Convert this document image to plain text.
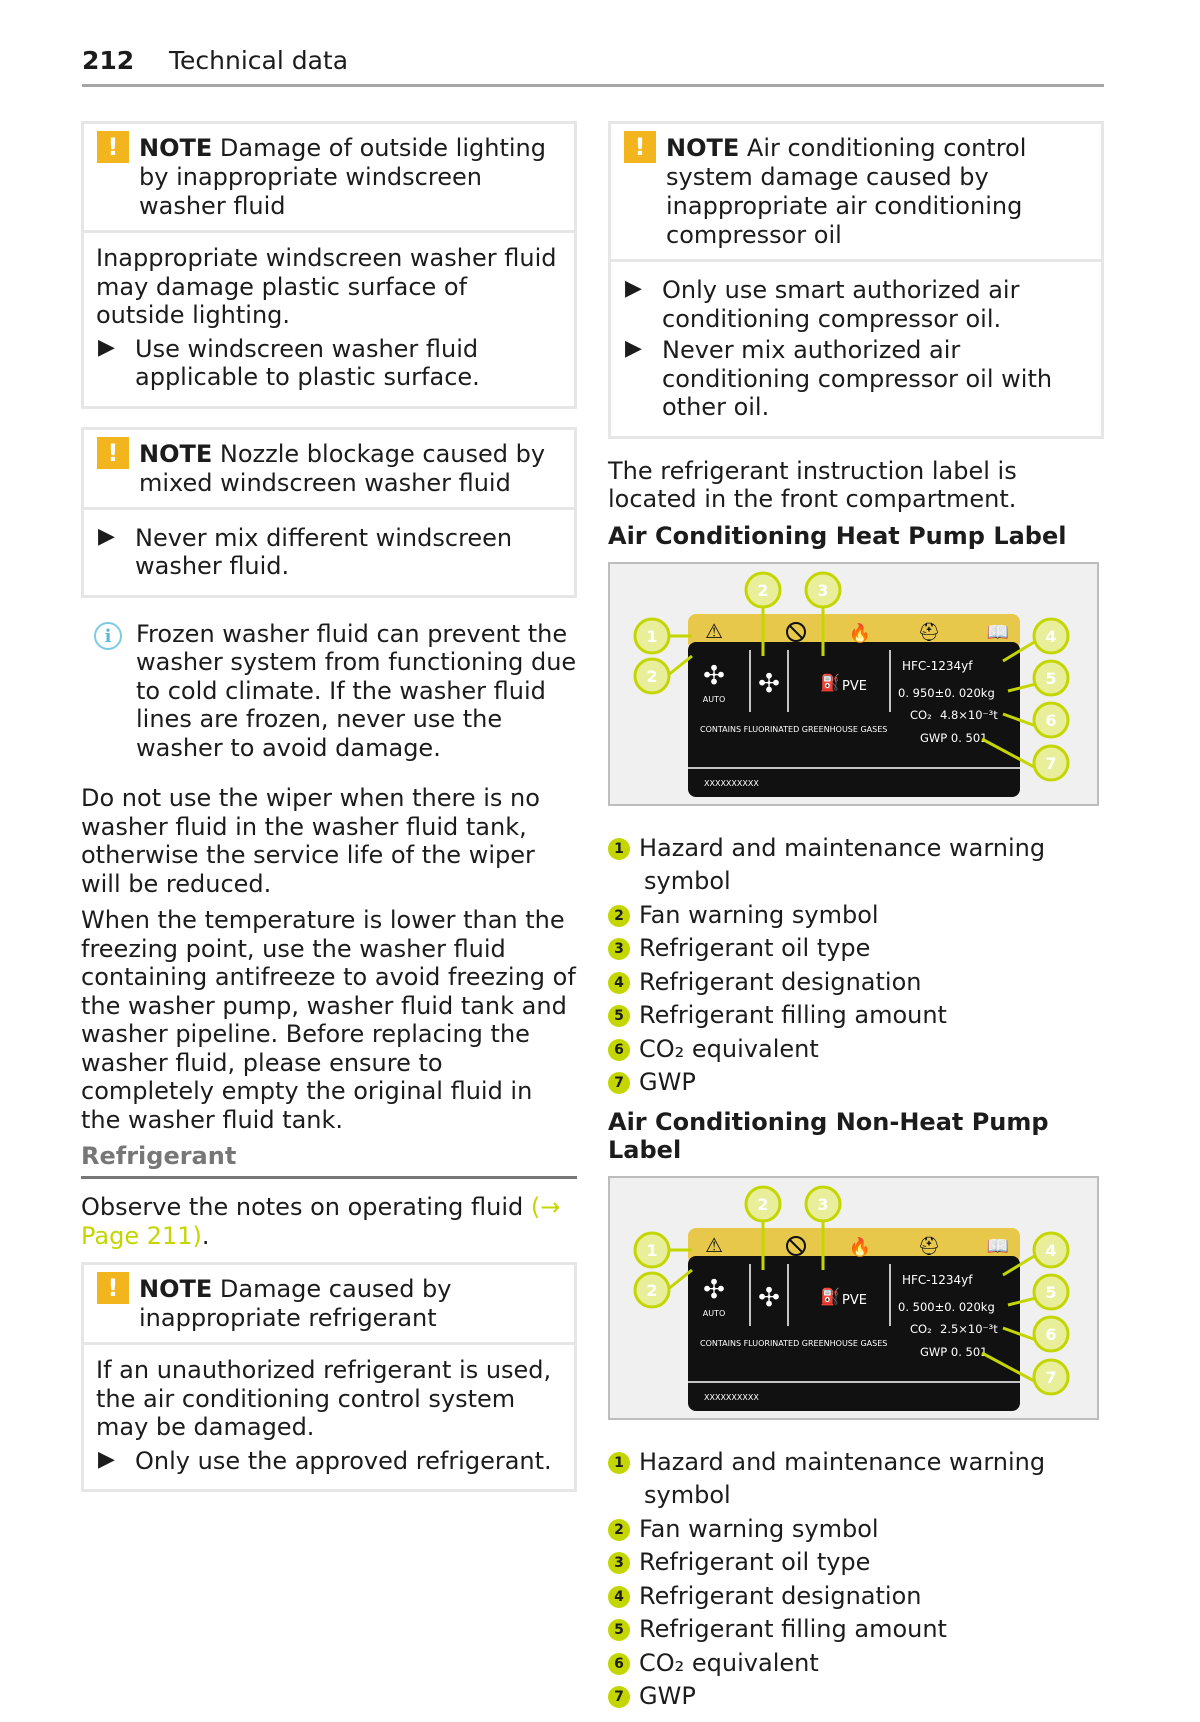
212 Technical data
! NOTE Damage of outside lighting by inappropriate windscreen washer fluid

Inappropriate windscreen washer fluid may damage plastic surface of outside lighting.

▶ Use windscreen washer fluid applicable to plastic surface.
! NOTE Nozzle blockage caused by mixed windscreen washer fluid
▶ Never mix different windscreen washer fluid.
i	Frozen washer fluid can prevent the washer system from functioning due to cold climate. If the washer fluid lines are frozen, never use the washer to avoid damage.

Do not use the wiper when there is no washer fluid in the washer fluid tank, otherwise the service life of the wiper will be reduced.

When the temperature is lower than the freezing point, use the washer fluid containing antifreeze to avoid freezing of the washer pump, washer fluid tank and washer pipeline. Before replacing the washer fluid, please ensure to completely empty the original fluid in the washer fluid tank.

Refrigerant

Observe the notes on operating fluid (→ Page 211).

! NOTE Damage caused by inappropriate refrigerant

If an unauthorized refrigerant is used, the air conditioning control system may be damaged.

▶ Only use the approved refrigerant.
! NOTE Air conditioning control system damage caused by inappropriate air conditioning compressor oil
▶ Only use smart authorized air conditioning compressor oil.
▶ Never mix authorized air conditioning compressor oil with other oil.

The refrigerant instruction label is located in the front compartment.

Air Conditioning Heat Pump Label
⚠	🔥	⛑	📖
✣
AUTO
✣	⛽ PVE
HFC-1234yf
0. 950±0. 020kg
CO₂ 4.8×10⁻³t
GWP 0. 501
CONTAINS FLUORINATED GREENHOUSE GASES
XXXXXXXXXX
1
2
2	3
4
5
6
7
1 Hazard and maintenance warning
symbol
2 Fan warning symbol
3 Refrigerant oil type
4 Refrigerant designation
5 Refrigerant filling amount
6 CO₂ equivalent
7 GWP
Air Conditioning Non-Heat Pump Label
⚠	🔥	⛑	📖
✣
AUTO
✣	⛽ PVE
HFC-1234yf
0. 500±0. 020kg
CO₂ 2.5×10⁻³t
GWP 0. 501
CONTAINS FLUORINATED GREENHOUSE GASES
XXXXXXXXXX
1
2
2	3
4
5
6
7
1 Hazard and maintenance warning
symbol
2 Fan warning symbol
3 Refrigerant oil type
4 Refrigerant designation
5 Refrigerant filling amount
6 CO₂ equivalent
7 GWP
